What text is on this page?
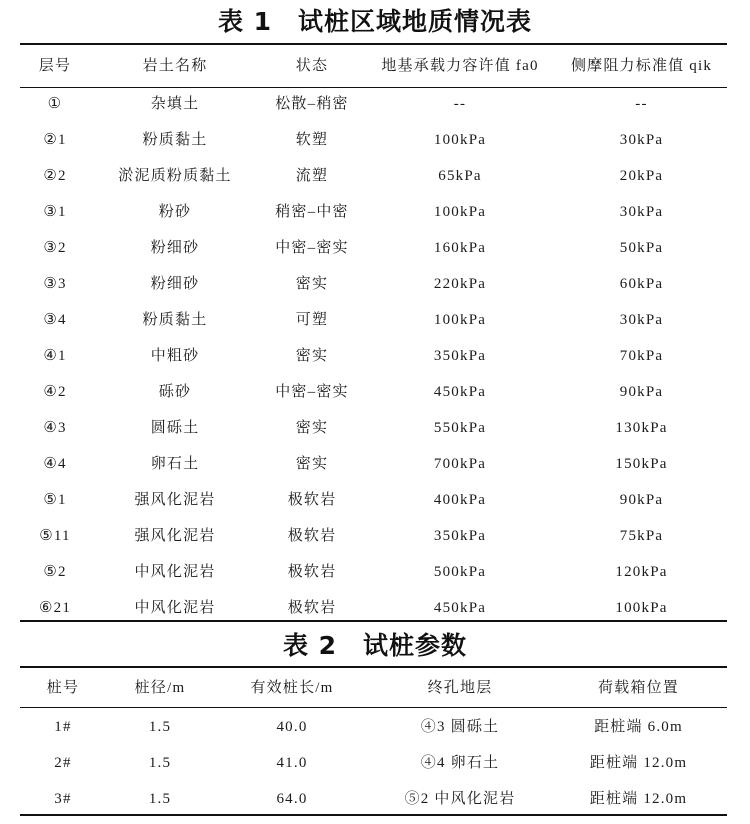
表 1　试桩区域地质情况表
层号	岩土名称	状态	地基承载力容许值 fa0	侧摩阻力标准值 qik
①	杂填土	松散–稍密	--	--
②1	粉质黏土	软塑	100kPa	30kPa
②2	淤泥质粉质黏土	流塑	65kPa	20kPa
③1	粉砂	稍密–中密	100kPa	30kPa
③2	粉细砂	中密–密实	160kPa	50kPa
③3	粉细砂	密实	220kPa	60kPa
③4	粉质黏土	可塑	100kPa	30kPa
④1	中粗砂	密实	350kPa	70kPa
④2	砾砂	中密–密实	450kPa	90kPa
④3	圆砾土	密实	550kPa	130kPa
④4	卵石土	密实	700kPa	150kPa
⑤1	强风化泥岩	极软岩	400kPa	90kPa
⑤11	强风化泥岩	极软岩	350kPa	75kPa
⑤2	中风化泥岩	极软岩	500kPa	120kPa
⑥21	中风化泥岩	极软岩	450kPa	100kPa
表 2　试桩参数
桩号	桩径/m	有效桩长/m	终孔地层	荷载箱位置
1#	1.5	40.0	④3 圆砾土	距桩端 6.0m
2#	1.5	41.0	④4 卵石土	距桩端 12.0m
3#	1.5	64.0	⑤2 中风化泥岩	距桩端 12.0m
